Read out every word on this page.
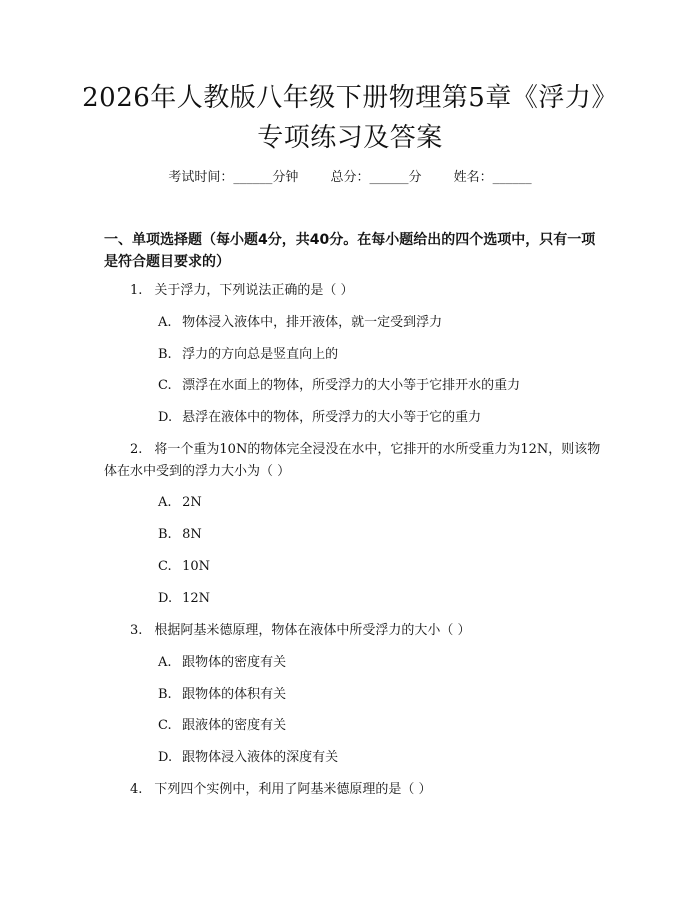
2026年人教版八年级下册物理第5章《浮力》专项练习及答案
考试时间：______分钟 总分：______分 姓名：______
一、单项选择题（每小题4分，共40分。在每小题给出的四个选项中，只有一项是符合题目要求的）
1. 关于浮力，下列说法正确的是（ ）
A. 物体浸入液体中，排开液体，就一定受到浮力
B. 浮力的方向总是竖直向上的
C. 漂浮在水面上的物体，所受浮力的大小等于它排开水的重力
D. 悬浮在液体中的物体，所受浮力的大小等于它的重力
2. 将一个重为10N的物体完全浸没在水中，它排开的水所受重力为12N，则该物体在水中受到的浮力大小为（ ）
A. 2N
B. 8N
C. 10N
D. 12N
3. 根据阿基米德原理，物体在液体中所受浮力的大小（ ）
A. 跟物体的密度有关
B. 跟物体的体积有关
C. 跟液体的密度有关
D. 跟物体浸入液体的深度有关
4. 下列四个实例中，利用了阿基米德原理的是（ ）
